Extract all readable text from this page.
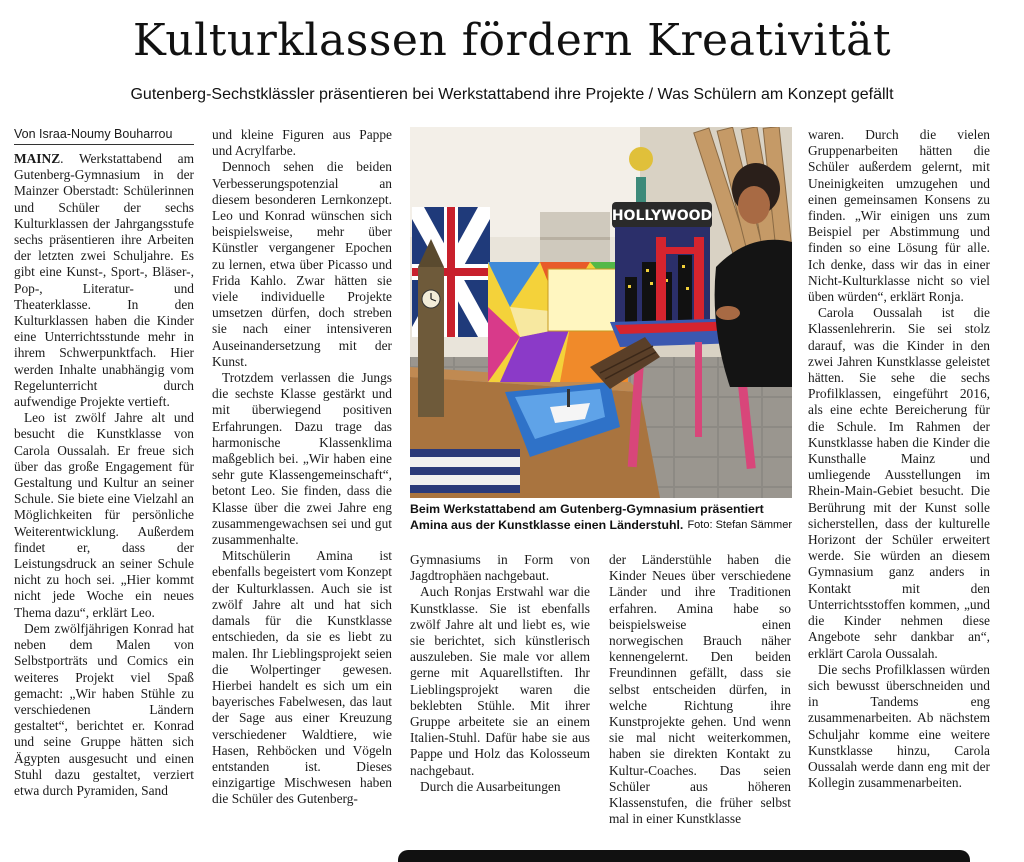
Kulturklassen fördern Kreativität
Gutenberg-Sechstklässler präsentieren bei Werkstattabend ihre Projekte / Was Schülern am Konzept gefällt
Von Israa-Noumy Bouharrou

MAINZ. Werkstattabend am Gutenberg-Gymnasium in der Mainzer Oberstadt: Schülerinnen und Schüler der sechs Kulturklassen der Jahrgangsstufe sechs präsentieren ihre Arbeiten der letzten zwei Schuljahre. Es gibt eine Kunst-, Sport-, Bläser-, Pop-, Literatur- und Theaterklasse. In den Kulturklassen haben die Kinder eine Unterrichtsstunde mehr in ihrem Schwerpunktfach. Hier werden Inhalte unabhängig vom Regelunterricht durch aufwendige Projekte vertieft.

Leo ist zwölf Jahre alt und besucht die Kunstklasse von Carola Oussalah. Er freue sich über das große Engagement für Gestaltung und Kultur an seiner Schule. Sie biete eine Vielzahl an Möglichkeiten für persönliche Weiterentwicklung. Außerdem findet er, dass der Leistungsdruck an seiner Schule nicht zu hoch sei. „Hier kommt nicht jede Woche ein neues Thema dazu“, erklärt Leo.

Dem zwölfjährigen Konrad hat neben dem Malen von Selbstporträts und Comics ein weiteres Projekt viel Spaß gemacht: „Wir haben Stühle zu verschiedenen Ländern gestaltet“, berichtet er. Konrad und seine Gruppe hätten sich Ägypten ausgesucht und einen Stuhl dazu gestaltet, verziert etwa durch Pyramiden, Sand

und kleine Figuren aus Pappe und Acrylfarbe.

Dennoch sehen die beiden Verbesserungspotenzial an diesem besonderen Lernkonzept. Leo und Konrad wünschen sich beispielsweise, mehr über Künstler vergangener Epochen zu lernen, etwa über Picasso und Frida Kahlo. Zwar hätten sie viele individuelle Projekte umsetzen dürfen, doch streben sie nach einer intensiveren Auseinandersetzung mit der Kunst.

Trotzdem verlassen die Jungs die sechste Klasse gestärkt und mit überwiegend positiven Erfahrungen. Dazu trage das harmonische Klassenklima maßgeblich bei. „Wir haben eine sehr gute Klassengemeinschaft“, betont Leo. Sie finden, dass die Klasse über die zwei Jahre eng zusammengewachsen sei und gut zusammenhalte.

Mitschülerin Amina ist ebenfalls begeistert vom Konzept der Kulturklassen. Auch sie ist zwölf Jahre alt und hat sich damals für die Kunstklasse entschieden, da sie es liebt zu malen. Ihr Lieblingsprojekt seien die Wolpertinger gewesen. Hierbei handelt es sich um ein bayerisches Fabelwesen, das laut der Sage aus einer Kreuzung verschiedener Waldtiere, wie Hasen, Rehböcken und Vögeln entstanden ist. Dieses einzigartige Mischwesen haben die Schüler des Gutenberg-

HOLLYWOOD
Beim Werkstattabend am Gutenberg-Gymnasium präsentiert Amina aus der Kunstklasse einen Länderstuhl. Foto: Stefan Sämmer

Gymnasiums in Form von Jagdtrophäen nachgebaut.

Auch Ronjas Erstwahl war die Kunstklasse. Sie ist ebenfalls zwölf Jahre alt und liebt es, wie sie berichtet, sich künstlerisch auszuleben. Sie male vor allem gerne mit Aquarellstiften. Ihr Lieblingsprojekt waren die beklebten Stühle. Mit ihrer Gruppe arbeitete sie an einem Italien-Stuhl. Dafür habe sie aus Pappe und Holz das Kolosseum nachgebaut.

Durch die Ausarbeitungen

der Länderstühle haben die Kinder Neues über verschiedene Länder und ihre Traditionen erfahren. Amina habe so beispielsweise einen norwegischen Brauch näher kennengelernt. Den beiden Freundinnen gefällt, dass sie selbst entscheiden dürfen, in welche Richtung ihre Kunstprojekte gehen. Und wenn sie mal nicht weiterkommen, haben sie direkten Kontakt zu Kultur-Coaches. Das seien Schüler aus höheren Klassenstufen, die früher selbst mal in einer Kunstklasse

waren. Durch die vielen Gruppenarbeiten hätten die Schüler außerdem gelernt, mit Uneinigkeiten umzugehen und einen gemeinsamen Konsens zu finden. „Wir einigen uns zum Beispiel per Abstimmung und finden so eine Lösung für alle. Ich denke, dass wir das in einer Nicht-Kulturklasse nicht so viel üben würden“, erklärt Ronja.

Carola Oussalah ist die Klassenlehrerin. Sie sei stolz darauf, was die Kinder in den zwei Jahren Kunstklasse geleistet hätten. Sie sehe die sechs Profilklassen, eingeführt 2016, als eine echte Bereicherung für die Schule. Im Rahmen der Kunstklasse haben die Kinder die Kunsthalle Mainz und umliegende Ausstellungen im Rhein-Main-Gebiet besucht. Die Berührung mit der Kunst solle sicherstellen, dass der kulturelle Horizont der Schüler erweitert werde. Sie würden an diesem Gymnasium ganz anders in Kontakt mit den Unterrichtsstoffen kommen, „und die Kinder nehmen diese Angebote sehr dankbar an“, erklärt Carola Oussalah.

Die sechs Profilklassen würden sich bewusst überschneiden und in Tandems eng zusammenarbeiten. Ab nächstem Schuljahr komme eine weitere Kunstklasse hinzu, Carola Oussalah werde dann eng mit der Kollegin zusammenarbeiten.
